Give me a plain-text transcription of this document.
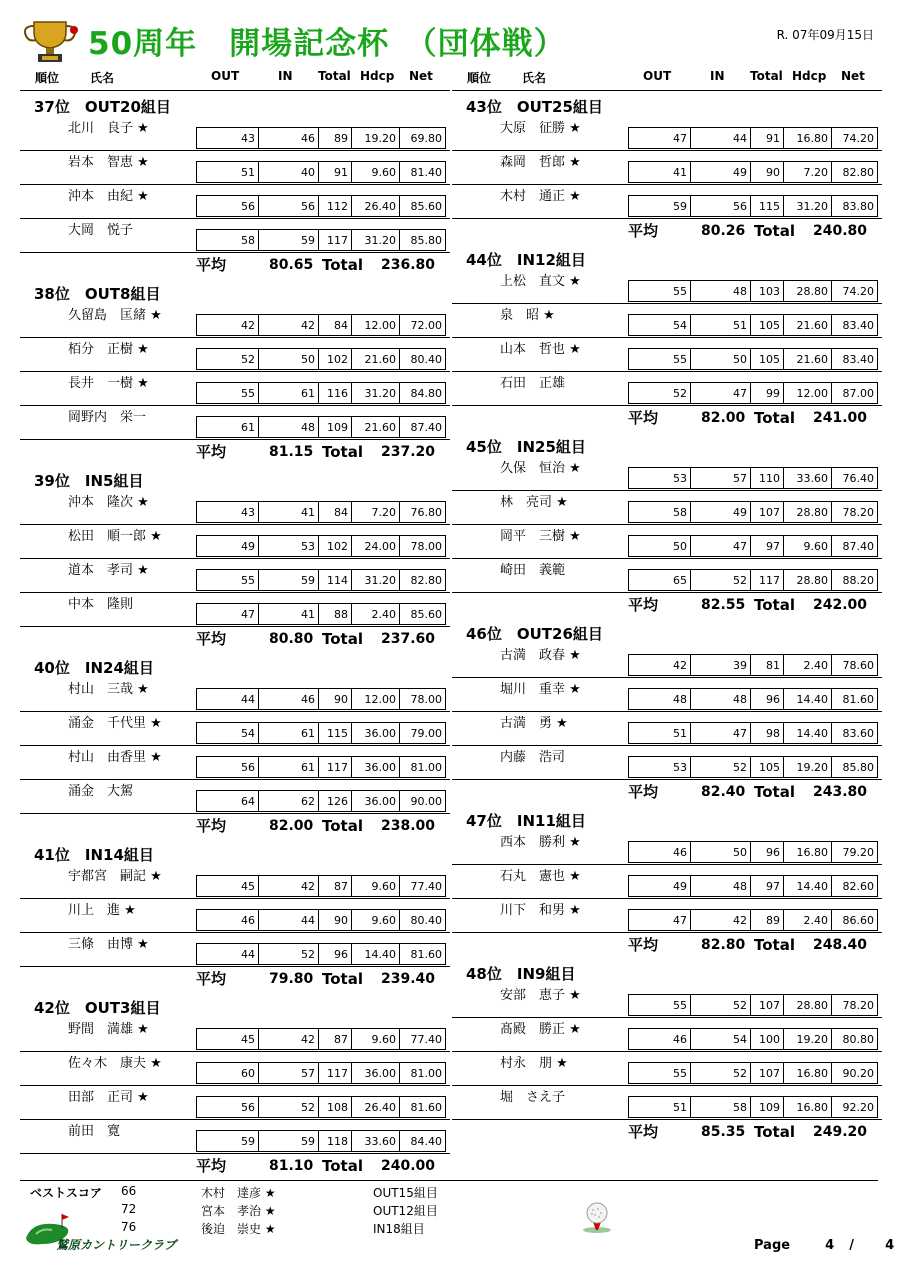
50周年　開場記念杯　（団体戦）	R. 07年09月15日
順位	氏名	OUT	IN Total Hdcp Net
37位　OUT20組目
北川　良子 ★
43	46	89	19.20	69.80
岩本　智恵 ★
51	40	91	9.60	81.40
沖本　由紀 ★
56	56	112	26.40	85.60
大岡　悦子
58	59	117	31.20	85.80
平均	80.65 Total 236.80
38位　OUT8組目
久留島　匡緒 ★
42	42	84	12.00	72.00
栢分　正樹 ★
52	50	102	21.60	80.40
長井　一樹 ★
55	61	116	31.20	84.80
岡野内　栄一
61	48	109	21.60	87.40
平均	81.15 Total 237.20
39位　IN5組目
沖本　隆次 ★
43	41	84	7.20	76.80
松田　順一郎 ★
49	53	102	24.00	78.00
道本　孝司 ★
55	59	114	31.20	82.80
中本　隆則
47	41	88	2.40	85.60
平均	80.80 Total 237.60
40位　IN24組目
村山　三哉 ★
44	46	90	12.00	78.00
涌金　千代里 ★
54	61	115	36.00	79.00
村山　由香里 ★
56	61	117	36.00	81.00
涌金　大駕
64	62	126	36.00	90.00
平均	82.00 Total 238.00
41位　IN14組目
宇都宮　嗣記 ★
45	42	87	9.60	77.40
川上　進 ★
46	44	90	9.60	80.40
三條　由博 ★
44	52	96	14.40	81.60
平均	79.80 Total 239.40
42位　OUT3組目
野間　満雄 ★
45	42	87	9.60	77.40
佐々木　康夫 ★
60	57	117	36.00	81.00
田部　正司 ★
56	52	108	26.40	81.60
前田　寛
59	59	118	33.60	84.40
平均	81.10 Total 240.00
順位	氏名	OUT	IN Total Hdcp Net
43位　OUT25組目
大原　征勝 ★
47	44	91	16.80	74.20
森岡　哲郎 ★
41	49	90	7.20	82.80
木村　通正 ★
59	56	115	31.20	83.80
平均	80.26 Total 240.80
44位　IN12組目
上松　直文 ★
55	48	103	28.80	74.20
泉　昭 ★
54	51	105	21.60	83.40
山本　哲也 ★
55	50	105	21.60	83.40
石田　正雄
52	47	99	12.00	87.00
平均	82.00 Total 241.00
45位　IN25組目
久保　恒治 ★
53	57	110	33.60	76.40
林　亮司 ★
58	49	107	28.80	78.20
岡平　三樹 ★
50	47	97	9.60	87.40
崎田　義範
65	52	117	28.80	88.20
平均	82.55 Total 242.00
46位　OUT26組目
古満　政春 ★
42	39	81	2.40	78.60
堀川　重幸 ★
48	48	96	14.40	81.60
古満　勇 ★
51	47	98	14.40	83.60
内藤　浩司
53	52	105	19.20	85.80
平均	82.40 Total 243.80
47位　IN11組目
西本　勝利 ★
46	50	96	16.80	79.20
石丸　憲也 ★
49	48	97	14.40	82.60
川下　和男 ★
47	42	89	2.40	86.60
平均	82.80 Total 248.40
48位　IN9組目
安部　恵子 ★
55	52	107	28.80	78.20
髙殿　勝正 ★
46	54	100	19.20	80.80
村永　朋 ★
55	52	107	16.80	90.20
堀　さえ子
51	58	109	16.80	92.20
平均	85.35 Total 249.20
ベストスコア 66	木村　達彦 ★	OUT15組目
72	宮本　孝治 ★	OUT12組目
76	後迫　崇史 ★	IN18組目
鷲原カントリークラブ	Page	4 / 4
